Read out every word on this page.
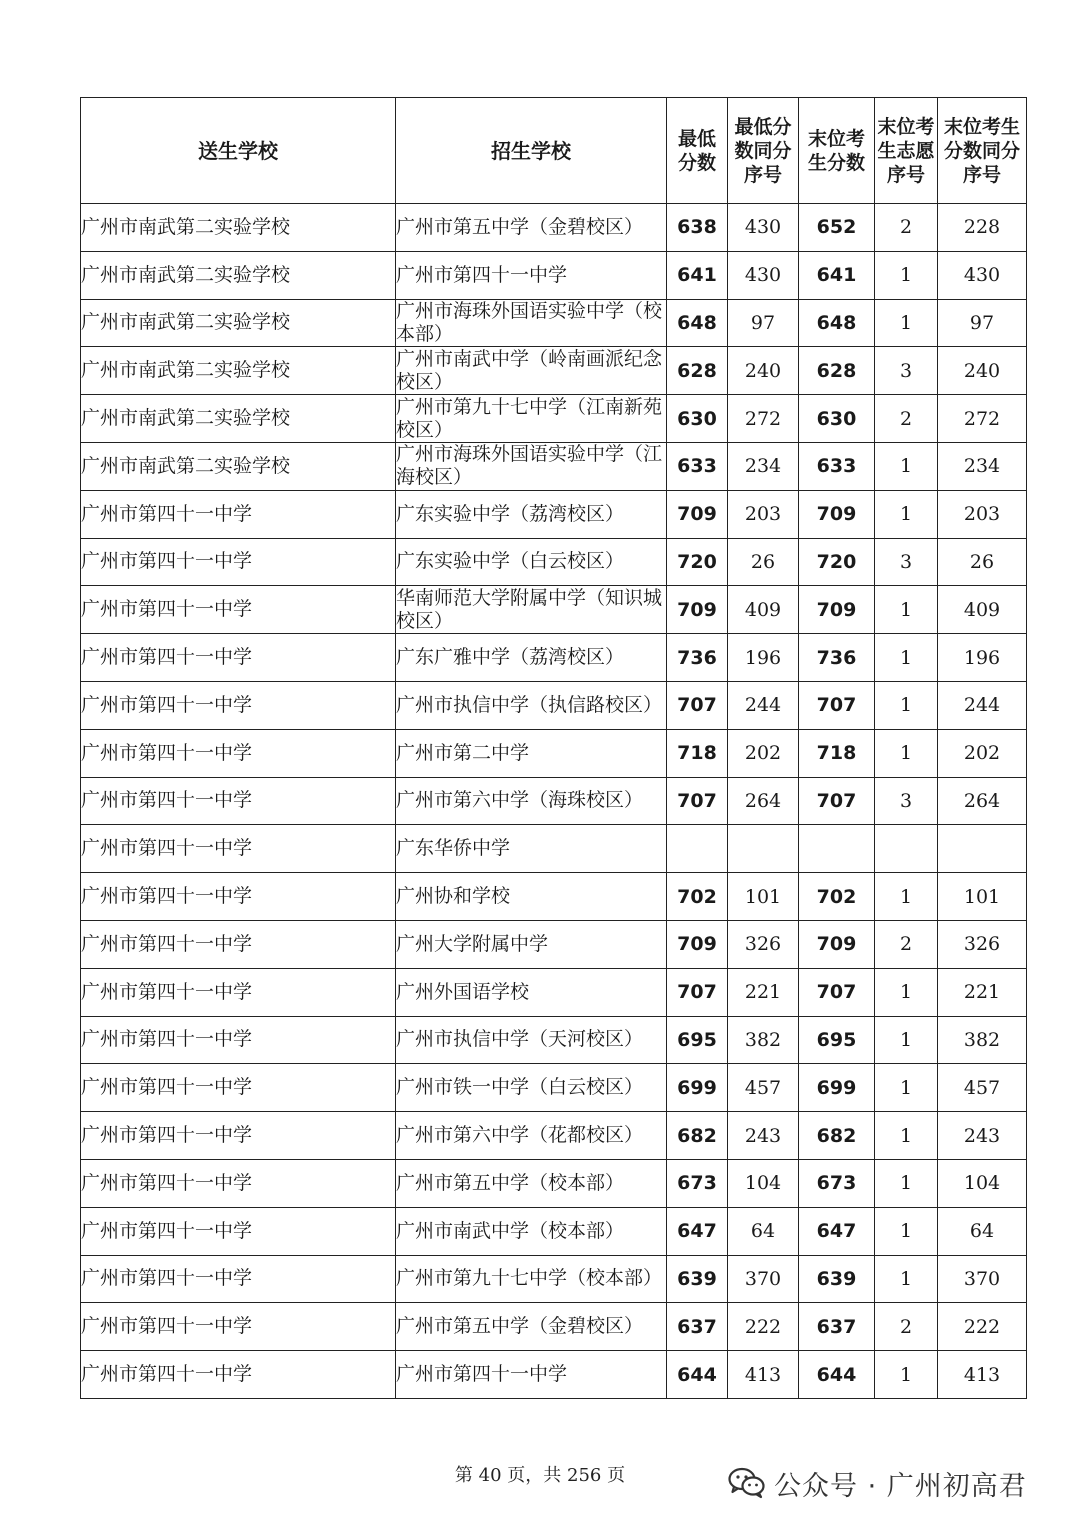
送生学校	招生学校	最低分数	最低分数同分序号	末位考生分数	末位考生志愿序号	末位考生分数同分序号
广州市南武第二实验学校	广州市第五中学（金碧校区）	638	430	652	2	228
广州市南武第二实验学校	广州市第四十一中学	641	430	641	1	430
广州市南武第二实验学校	广州市海珠外国语实验中学（校本部）	648	97	648	1	97
广州市南武第二实验学校	广州市南武中学（岭南画派纪念校区）	628	240	628	3	240
广州市南武第二实验学校	广州市第九十七中学（江南新苑校区）	630	272	630	2	272
广州市南武第二实验学校	广州市海珠外国语实验中学（江海校区）	633	234	633	1	234
广州市第四十一中学	广东实验中学（荔湾校区）	709	203	709	1	203
广州市第四十一中学	广东实验中学（白云校区）	720	26	720	3	26
广州市第四十一中学	华南师范大学附属中学（知识城校区）	709	409	709	1	409
广州市第四十一中学	广东广雅中学（荔湾校区）	736	196	736	1	196
广州市第四十一中学	广州市执信中学（执信路校区）	707	244	707	1	244
广州市第四十一中学	广州市第二中学	718	202	718	1	202
广州市第四十一中学	广州市第六中学（海珠校区）	707	264	707	3	264
广州市第四十一中学	广东华侨中学					
广州市第四十一中学	广州协和学校	702	101	702	1	101
广州市第四十一中学	广州大学附属中学	709	326	709	2	326
广州市第四十一中学	广州外国语学校	707	221	707	1	221
广州市第四十一中学	广州市执信中学（天河校区）	695	382	695	1	382
广州市第四十一中学	广州市铁一中学（白云校区）	699	457	699	1	457
广州市第四十一中学	广州市第六中学（花都校区）	682	243	682	1	243
广州市第四十一中学	广州市第五中学（校本部）	673	104	673	1	104
广州市第四十一中学	广州市南武中学（校本部）	647	64	647	1	64
广州市第四十一中学	广州市第九十七中学（校本部）	639	370	639	1	370
广州市第四十一中学	广州市第五中学（金碧校区）	637	222	637	2	222
广州市第四十一中学	广州市第四十一中学	644	413	644	1	413
第 40 页，共 256 页	公众号 · 广州初高君
